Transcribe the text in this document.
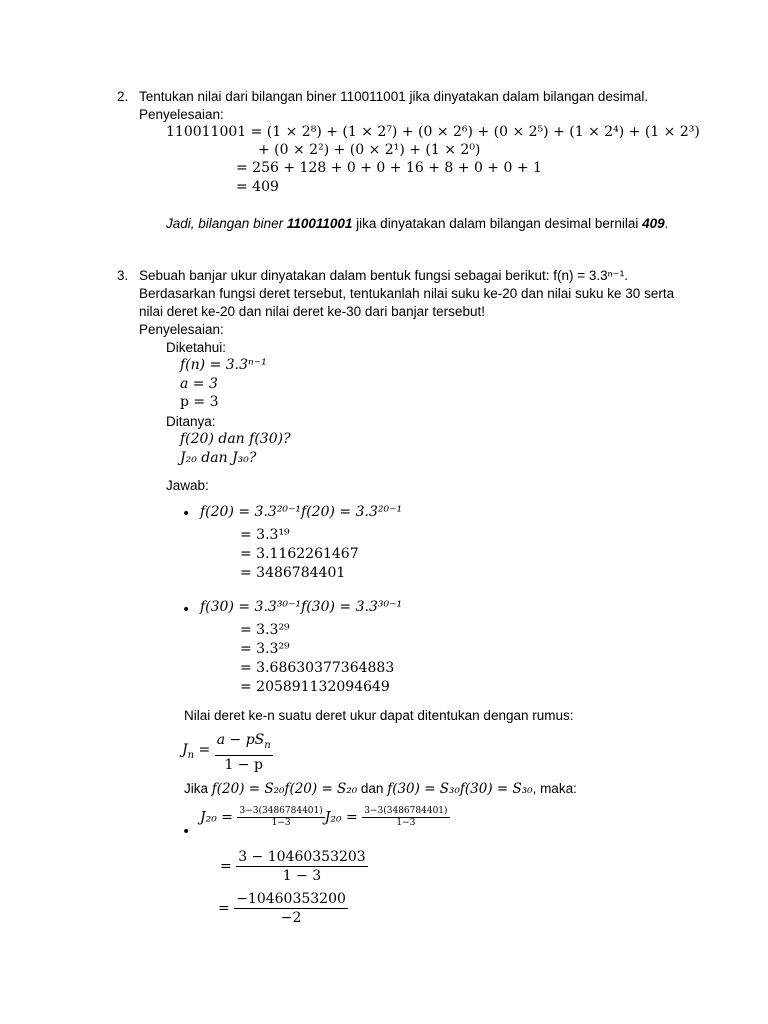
2. Tentukan nilai dari bilangan biner 110011001 jika dinyatakan dalam bilangan desimal.
Penyelesaian:
110011001 = (1 × 2⁸) + (1 × 2⁷) + (0 × 2⁶) + (0 × 2⁵) + (1 × 2⁴) + (1 × 2³)
+ (0 × 2²) + (0 × 2¹) + (1 × 2⁰)
= 256 + 128 + 0 + 0 + 16 + 8 + 0 + 0 + 1
= 409
Jadi, bilangan biner 110011001 jika dinyatakan dalam bilangan desimal bernilai 409.
3. Sebuah banjar ukur dinyatakan dalam bentuk fungsi sebagai berikut: f(n) = 3.3ⁿ⁻¹.
Berdasarkan fungsi deret tersebut, tentukanlah nilai suku ke-20 dan nilai suku ke 30 serta
nilai deret ke-20 dan nilai deret ke-30 dari banjar tersebut!
Penyelesaian:
Diketahui:
f(n) = 3.3ⁿ⁻¹
a = 3
p = 3
Ditanya:
f(20) dan f(30)?
J₂₀ dan J₃₀?
Jawab:
• f(20) = 3.3²⁰⁻¹f(20) = 3.3²⁰⁻¹
= 3.3¹⁹
= 3.1162261467
= 3486784401
• f(30) = 3.3³⁰⁻¹f(30) = 3.3³⁰⁻¹
= 3.3²⁹
= 3.3²⁹
= 3.68630377364883
= 205891132094649
Nilai deret ke-n suatu deret ukur dapat ditentukan dengan rumus:
$J_n = \frac{a - pS_n}{1 - p}$
Jika f(20) = S₂₀f(20) = S₂₀ dan f(30) = S₃₀f(30) = S₃₀, maka:
•
$J_{20} = \frac{3-3(3486784401)}{1-3} J_{20} = \frac{3-3(3486784401)}{1-3}$
= $\frac{3 - 10460353203}{1 - 3}$
= $\frac{-10460353200}{-2}$
